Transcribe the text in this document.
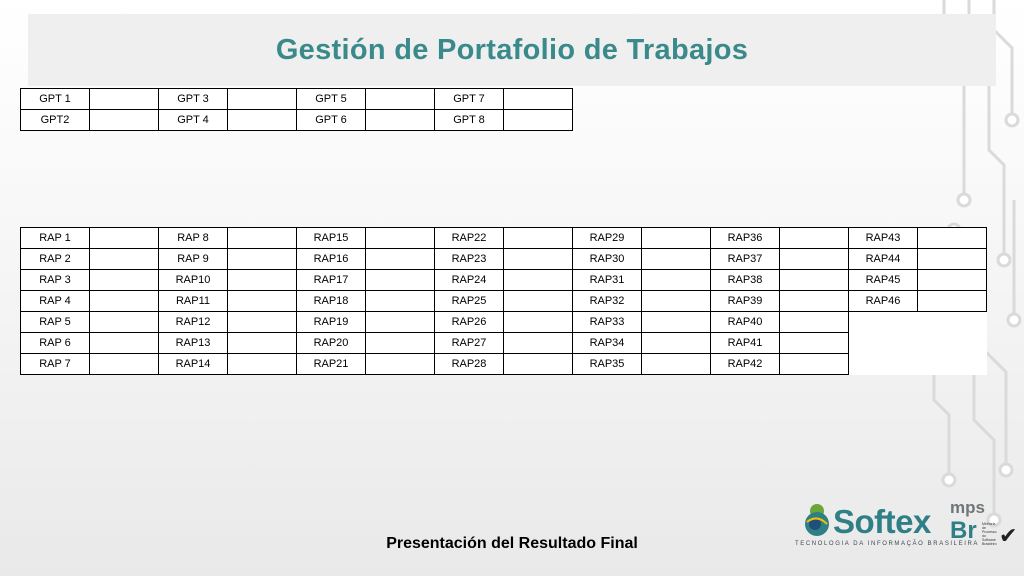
Gestión de Portafolio de Trabajos
GPT 1		GPT 3		GPT 5		GPT 7	
GPT2		GPT 4		GPT 6		GPT 8	
RAP 1		RAP 8		RAP15		RAP22		RAP29		RAP36		RAP43	
RAP 2		RAP 9		RAP16		RAP23		RAP30		RAP37		RAP44	
RAP 3		RAP10		RAP17		RAP24		RAP31		RAP38		RAP45	
RAP 4		RAP11		RAP18		RAP25		RAP32		RAP39		RAP46	
RAP 5		RAP12		RAP19		RAP26		RAP33		RAP40			
RAP 6		RAP13		RAP20		RAP27		RAP34		RAP41			
RAP 7		RAP14		RAP21		RAP28		RAP35		RAP42			
Presentación del Resultado Final
Softex
TECNOLOGIA DA INFORMAÇÃO BRASILEIRA
mps
Br Melhoria de Processo do Software Brasileiro ✔
